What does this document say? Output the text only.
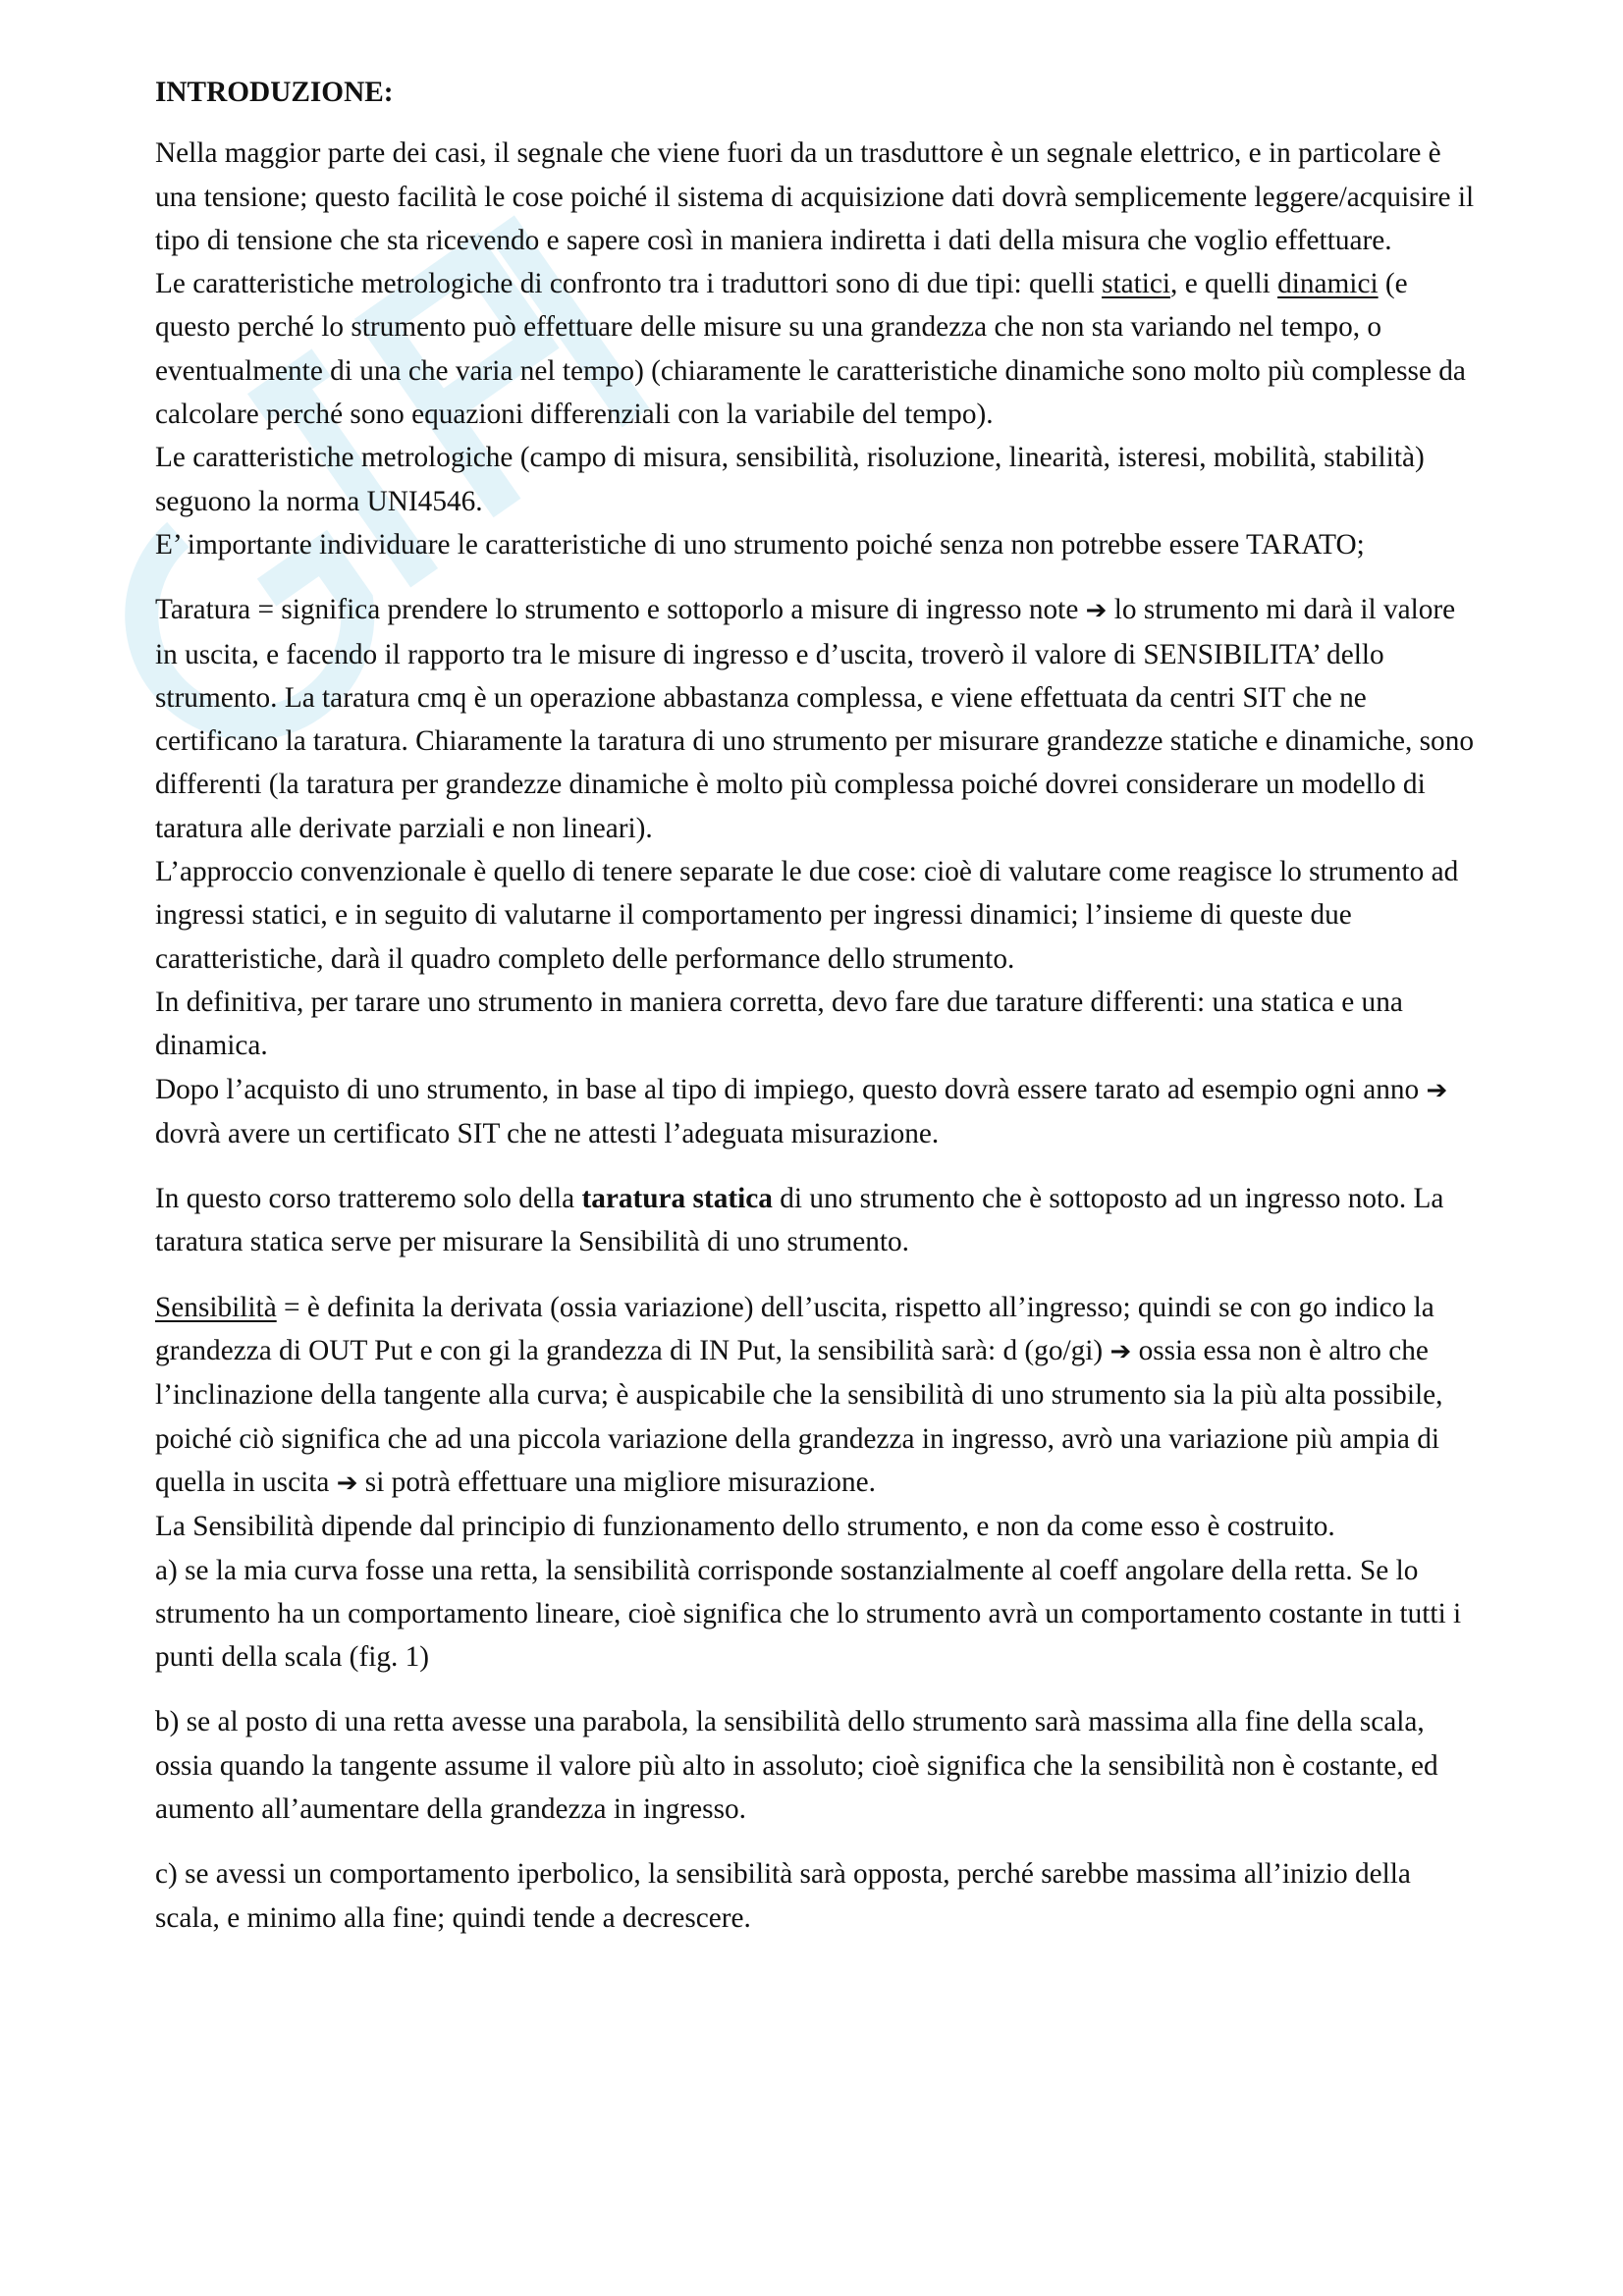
INTRODUZIONE:

Nella maggior parte dei casi, il segnale che viene fuori da un trasduttore è un segnale elettrico, e in particolare è una tensione; questo facilità le cose poiché il sistema di acquisizione dati dovrà semplicemente leggere/acquisire il tipo di tensione che sta ricevendo e sapere così in maniera indiretta i dati della misura che voglio effettuare.

Le caratteristiche metrologiche di confronto tra i traduttori sono di due tipi: quelli statici, e quelli dinamici (e questo perché lo strumento può effettuare delle misure su una grandezza che non sta variando nel tempo, o eventualmente di una che varia nel tempo) (chiaramente le caratteristiche dinamiche sono molto più complesse da calcolare perché sono equazioni differenziali con la variabile del tempo).

Le caratteristiche metrologiche (campo di misura, sensibilità, risoluzione, linearità, isteresi, mobilità, stabilità) seguono la norma UNI4546.

E’ importante individuare le caratteristiche di uno strumento poiché senza non potrebbe essere TARATO;

Taratura = significa prendere lo strumento e sottoporlo a misure di ingresso note ➔ lo strumento mi darà il valore in uscita, e facendo il rapporto tra le misure di ingresso e d’uscita, troverò il valore di SENSIBILITA’ dello strumento. La taratura cmq è un operazione abbastanza complessa, e viene effettuata da centri SIT che ne certificano la taratura. Chiaramente la taratura di uno strumento per misurare grandezze statiche e dinamiche, sono differenti (la taratura per grandezze dinamiche è molto più complessa poiché dovrei considerare un modello di taratura alle derivate parziali e non lineari).

L’approccio convenzionale è quello di tenere separate le due cose: cioè di valutare come reagisce lo strumento ad ingressi statici, e in seguito di valutarne il comportamento per ingressi dinamici; l’insieme di queste due caratteristiche, darà il quadro completo delle performance dello strumento.

In definitiva, per tarare uno strumento in maniera corretta, devo fare due tarature differenti: una statica e una dinamica.

Dopo l’acquisto di uno strumento, in base al tipo di impiego, questo dovrà essere tarato ad esempio ogni anno ➔ dovrà avere un certificato SIT che ne attesti l’adeguata misurazione.

In questo corso tratteremo solo della taratura statica di uno strumento che è sottoposto ad un ingresso noto. La taratura statica serve per misurare la Sensibilità di uno strumento.

Sensibilità = è definita la derivata (ossia variazione) dell’uscita, rispetto all’ingresso; quindi se con go indico la grandezza di OUT Put e con gi la grandezza di IN Put, la sensibilità sarà: d (go/gi) ➔ ossia essa non è altro che l’inclinazione della tangente alla curva; è auspicabile che la sensibilità di uno strumento sia la più alta possibile, poiché ciò significa che ad una piccola variazione della grandezza in ingresso, avrò una variazione più ampia di quella in uscita ➔ si potrà effettuare una migliore misurazione.

La Sensibilità dipende dal principio di funzionamento dello strumento, e non da come esso è costruito.

a) se la mia curva fosse una retta, la sensibilità corrisponde sostanzialmente al coeff angolare della retta. Se lo strumento ha un comportamento lineare, cioè significa che lo strumento avrà un comportamento costante in tutti i punti della scala (fig. 1)

b) se al posto di una retta avesse una parabola, la sensibilità dello strumento sarà massima alla fine della scala, ossia quando la tangente assume il valore più alto in assoluto; cioè significa che la sensibilità non è costante, ed aumento all’aumentare della grandezza in ingresso.

c) se avessi un comportamento iperbolico, la sensibilità sarà opposta, perché sarebbe massima all’inizio della scala, e minimo alla fine; quindi tende a decrescere.
